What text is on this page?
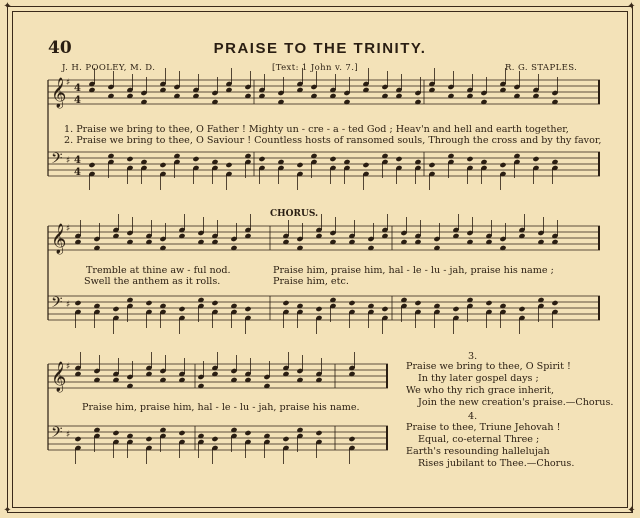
✦	✦
✦	✦
40	PRAISE TO THE TRINITY.
J. H. POOLEY, M. D.	[Text: 1 John v. 7.]	R. G. STAPLES.
𝄞 ♯ 4
4
𝄢 ♯ 4
4
𝄞 ♯
𝄢 ♯
𝄞 ♯
𝄢 ♯
1. Praise we bring to thee, O Father ! Mighty un - cre - a - ted God ; Heav'n and hell and earth together,
2. Praise we bring to thee, O Saviour ! Countless hosts of ransomed souls, Through the cross and by thy favor,
CHORUS.
Tremble at thine aw - ful nod.
Swell the anthem as it rolls.
Praise him, praise him, hal - le - lu - jah, praise his name ;
Praise him, etc.
Praise him, praise him, hal - le - lu - jah, praise his name.
3.
Praise we bring to thee, O Spirit !
In thy later gospel days ;
We who thy rich grace inherit,
Join the new creation's praise.—Chorus.
4.
Praise to thee, Triune Jehovah !
Equal, co-eternal Three ;
Earth's resounding hallelujah
Rises jubilant to Thee.—Chorus.
